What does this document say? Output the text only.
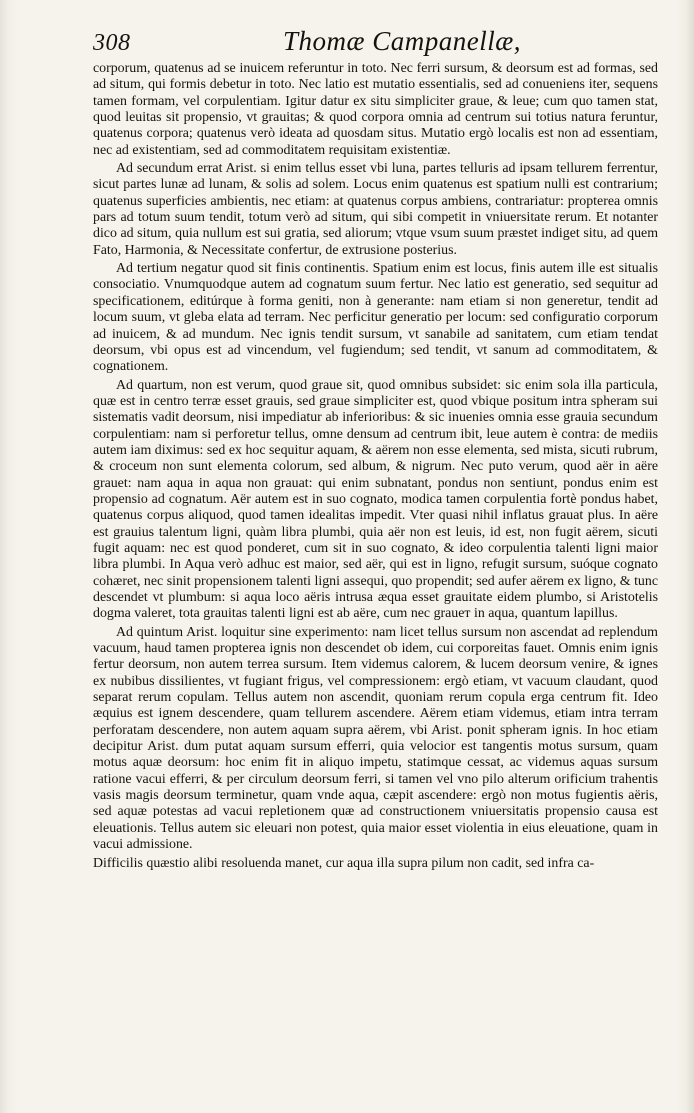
308	Thomæ Campanellæ,

corporum, quatenus ad se inuicem referuntur in toto. Nec ferri sursum, & deorsum est ad formas, sed ad situm, qui formis debetur in toto. Nec latio est mutatio essentialis, sed ad conueniens iter, sequens tamen formam, vel corpulentiam. Igitur datur ex situ simpliciter graue, & leue; cum quo tamen stat, quod leuitas sit propensio, vt grauitas; & quod corpora omnia ad centrum sui totius natura feruntur, quatenus corpora; quatenus verò ideata ad quosdam situs. Mutatio ergò localis est non ad essentiam, nec ad existentiam, sed ad commoditatem requisitam existentiæ.

Ad secundum errat Arist. si enim tellus esset vbi luna, partes telluris ad ipsam tellurem ferrentur, sicut partes lunæ ad lunam, & solis ad solem. Locus enim quatenus est spatium nulli est contrarium; quatenus superficies ambientis, nec etiam: at quatenus corpus ambiens, contrariatur: propterea omnis pars ad totum suum tendit, totum verò ad situm, qui sibi competit in vniuersitate rerum. Et notanter dico ad situm, quia nullum est sui gratia, sed aliorum; vtque vsum suum præstet indiget situ, ad quem Fato, Harmonia, & Necessitate confertur, de extrusione posterius.

Ad tertium negatur quod sit finis continentis. Spatium enim est locus, finis autem ille est situalis consociatio. Vnumquodque autem ad cognatum suum fertur. Nec latio est generatio, sed sequitur ad specificationem, editúrque à forma geniti, non à generante: nam etiam si non generetur, tendit ad locum suum, vt gleba elata ad terram. Nec perficitur generatio per locum: sed configuratio corporum ad inuicem, & ad mundum. Nec ignis tendit sursum, vt sanabile ad sanitatem, cum etiam tendat deorsum, vbi opus est ad vincendum, vel fugiendum; sed tendit, vt sanum ad commoditatem, & cognationem.

Ad quartum, non est verum, quod graue sit, quod omnibus subsidet: sic enim sola illa particula, quæ est in centro terræ esset grauis, sed graue simpliciter est, quod vbique positum intra spheram sui sistematis vadit deorsum, nisi impediatur ab inferioribus: & sic inuenies omnia esse grauia secundum corpulentiam: nam si perforetur tellus, omne densum ad centrum ibit, leue autem è contra: de mediis autem iam diximus: sed ex hoc sequitur aquam, & aërem non esse elementa, sed mista, sicuti rubrum, & croceum non sunt elementa colorum, sed album, & nigrum. Nec puto verum, quod aër in aëre grauet: nam aqua in aqua non grauat: qui enim subnatant, pondus non sentiunt, pondus enim est propensio ad cognatum. Aër autem est in suo cognato, modica tamen corpulentia fortè pondus habet, quatenus corpus aliquod, quod tamen idealitas impedit. Vter quasi nihil inflatus grauat plus. In aëre est grauius talentum ligni, quàm libra plumbi, quia aër non est leuis, id est, non fugit aërem, sicuti fugit aquam: nec est quod ponderet, cum sit in suo cognato, & ideo corpulentia talenti ligni maior libra plumbi. In Aqua verò adhuc est maior, sed aër, qui est in ligno, refugit sursum, suóque cognato cohæret, nec sinit propensionem talenti ligni assequi, quo propendit; sed aufer aërem ex ligno, & tunc descendet vt plumbum: si aqua loco aëris intrusa æqua esset grauitate eidem plumbo, si Aristotelis dogma valeret, tota grauitas talenti ligni est ab aëre, cum nec graueт in aqua, quantum lapillus.

Ad quintum Arist. loquitur sine experimento: nam licet tellus sursum non ascendat ad replendum vacuum, haud tamen propterea ignis non descendet ob idem, cui corporeitas fauet. Omnis enim ignis fertur deorsum, non autem terrea sursum. Item videmus calorem, & lucem deorsum venire, & ignes ex nubibus dissilientes, vt fugiant frigus, vel compressionem: ergò etiam, vt vacuum claudant, quod separat rerum copulam. Tellus autem non ascendit, quoniam rerum copula erga centrum fit. Ideo æquius est ignem descendere, quam tellurem ascendere. Aërem etiam videmus, etiam intra terram perforatam descendere, non autem aquam supra aërem, vbi Arist. ponit spheram ignis. In hoc etiam decipitur Arist. dum putat aquam sursum efferri, quia velocior est tangentis motus sursum, quam motus aquæ deorsum: hoc enim fit in aliquo impetu, statimque cessat, ac videmus aquas sursum ratione vacui efferri, & per circulum deorsum ferri, si tamen vel vno pilo alterum orificium trahentis vasis magis deorsum terminetur, quam vnde aqua, cæpit ascendere: ergò non motus fugientis aëris, sed aquæ potestas ad vacui repletionem quæ ad constructionem vniuersitatis propensio causa est eleuationis. Tellus autem sic eleuari non potest, quia maior esset violentia in eius eleuatione, quam in vacui admissione.

Difficilis quæstio alibi resoluenda manet, cur aqua illa supra pilum non cadit, sed infra ca-
